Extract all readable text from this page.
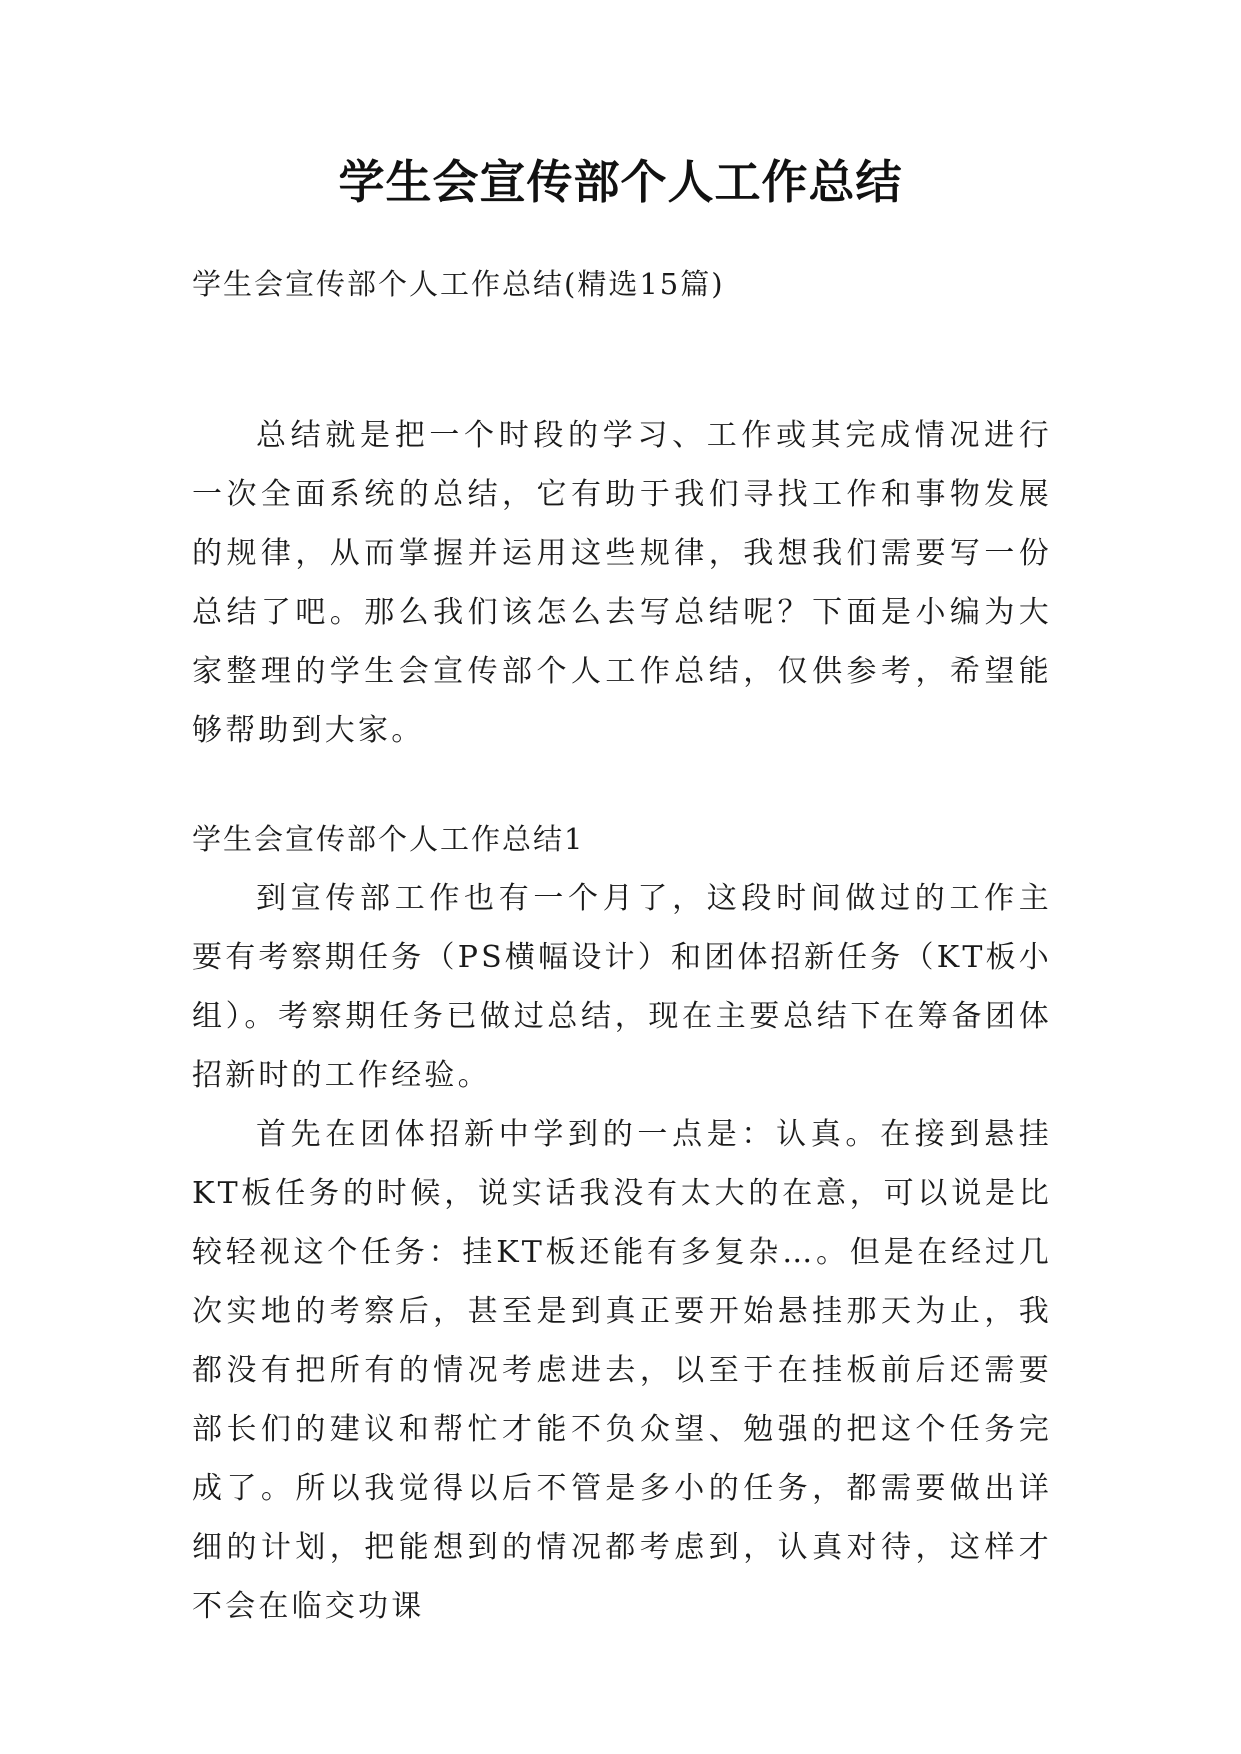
学生会宣传部个人工作总结

学生会宣传部个人工作总结(精选15篇)

总结就是把一个时段的学习、工作或其完成情况进行一次全面系统的总结，它有助于我们寻找工作和事物发展的规律，从而掌握并运用这些规律，我想我们需要写一份总结了吧。那么我们该怎么去写总结呢？下面是小编为大家整理的学生会宣传部个人工作总结，仅供参考，希望能够帮助到大家。

学生会宣传部个人工作总结1

到宣传部工作也有一个月了，这段时间做过的工作主要有考察期任务（PS横幅设计）和团体招新任务（KT板小组）。考察期任务已做过总结，现在主要总结下在筹备团体招新时的工作经验。

首先在团体招新中学到的一点是：认真。在接到悬挂KT板任务的时候，说实话我没有太大的在意，可以说是比较轻视这个任务：挂KT板还能有多复杂…。但是在经过几次实地的考察后，甚至是到真正要开始悬挂那天为止，我都没有把所有的情况考虑进去，以至于在挂板前后还需要部长们的建议和帮忙才能不负众望、勉强的把这个任务完成了。所以我觉得以后不管是多小的任务，都需要做出详细的计划，把能想到的情况都考虑到，认真对待，这样才不会在临交功课
